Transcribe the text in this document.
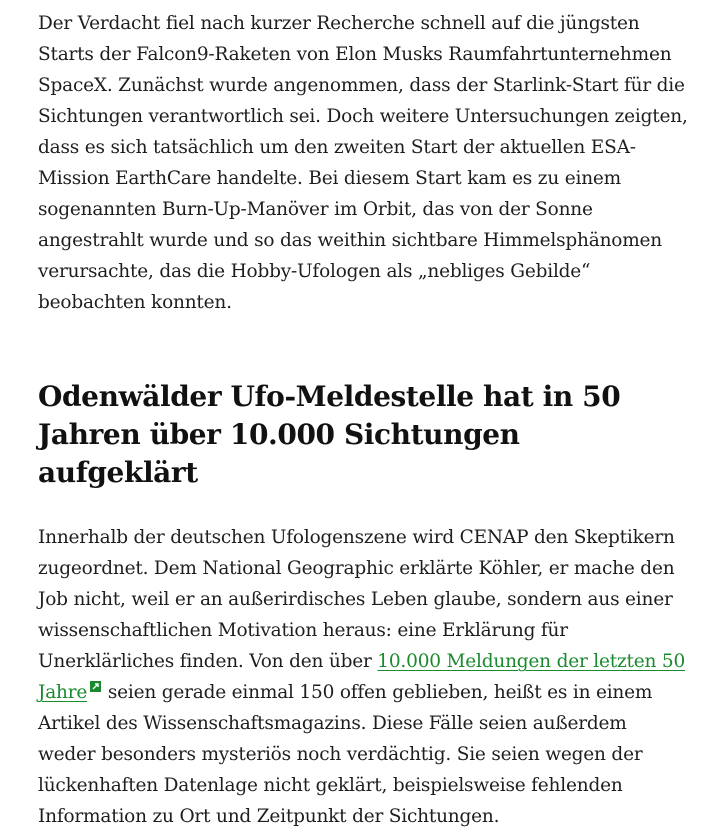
Der Verdacht fiel nach kurzer Recherche schnell auf die jüngsten Starts der Falcon9-Raketen von Elon Musks Raumfahrtunternehmen SpaceX. Zunächst wurde angenommen, dass der Starlink-Start für die Sichtungen verantwortlich sei. Doch weitere Untersuchungen zeigten, dass es sich tatsächlich um den zweiten Start der aktuellen ESA-Mission EarthCare handelte. Bei diesem Start kam es zu einem sogenannten Burn-Up-Manöver im Orbit, das von der Sonne angestrahlt wurde und so das weithin sichtbare Himmelsphänomen verursachte, das die Hobby-Ufologen als „nebliges Gebilde“ beobachten konnten.

Odenwälder Ufo-Meldestelle hat in 50 Jahren über 10.000 Sichtungen aufgeklärt

Innerhalb der deutschen Ufologenszene wird CENAP den Skeptikern zugeordnet. Dem National Geographic erklärte Köhler, er mache den Job nicht, weil er an außerirdisches Leben glaube, sondern aus einer wissenschaftlichen Motivation heraus: eine Erklärung für Unerklärliches finden. Von den über 10.000 Meldungen der letzten 50 Jahre seien gerade einmal 150 offen geblieben, heißt es in einem Artikel des Wissenschaftsmagazins. Diese Fälle seien außerdem weder besonders mysteriös noch verdächtig. Sie seien wegen der lückenhaften Datenlage nicht geklärt, beispielsweise fehlenden Information zu Ort und Zeitpunkt der Sichtungen.
